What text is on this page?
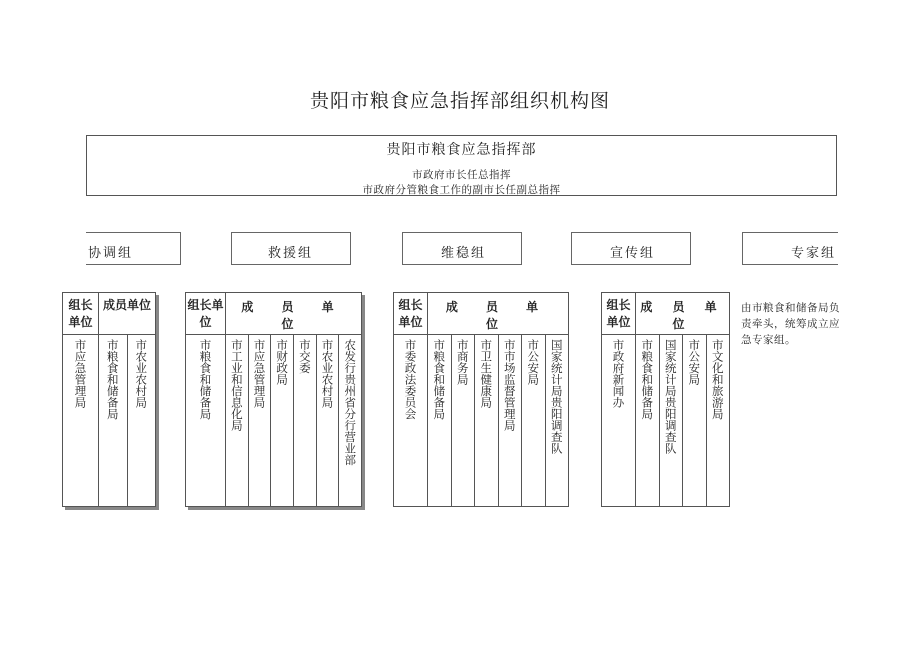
贵阳市粮食应急指挥部组织机构图
贵阳市粮食应急指挥部
市政府市长任总指挥
市政府分管粮食工作的副市长任副总指挥
协调组	救援组	维稳组	宣传组	专家组
组长单位
市应急管理局
成员单位
市粮食和储备局 市农业农村局
组长单位
市粮食和储备局
成 员 单 位
市工业和信息化局 市应急管理局 市财政局 市交委 市农业农村局 农发行贵州省分行营业部
组长单位
市委政法委员会
成 员 单 位
市粮食和储备局 市商务局 市卫生健康局 市市场监督管理局 市公安局 国家统计局贵阳调查队
组长单位
市政府新闻办
成 员 单 位
市粮食和储备局 国家统计局贵阳调查队 市公安局 市文化和旅游局
由市粮食和储备局负责牵头，统筹成立应急专家组。
